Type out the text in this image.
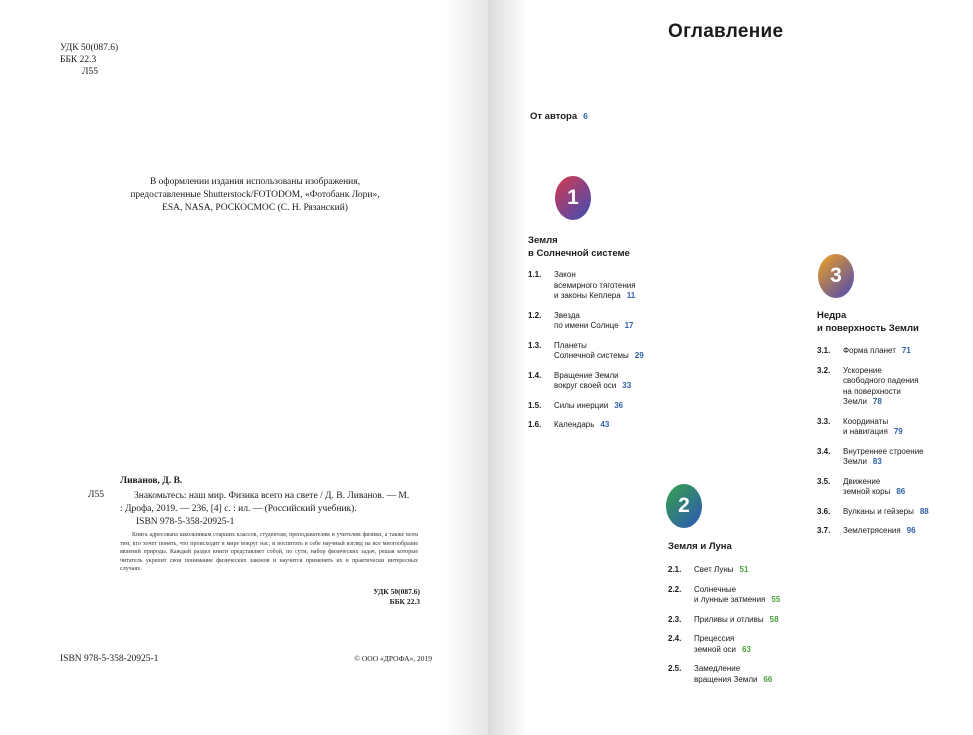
УДК 50(087.6)
ББК 22.3
Л55
В оформлении издания использованы изображения, предоставленные Shutterstock/FOTODOM, «Фотобанк Лори», ESA, NASA, РОСКОСМОС (С. Н. Рязанский)
Ливанов, Д. В.
Л55	Знакомьтесь: наш мир. Физика всего на свете / Д. В. Ливанов. — М. : Дрофа, 2019. — 236, [4] с. : ил. — (Российский учебник).
ISBN 978-5-358-20925-1
Книга адресована школьникам старших классов, студентам, преподавателям и учителям физики, а также всем тем, кто хочет понять, что происходит в мире вокруг нас, и воспитать в себе научный взгляд на все многообразие явлений природы. Каждый раздел книги представляет собой, по сути, набор физических задач, решая которые читатель укрепит свои понимание физических законов и научится применять их в практически интересных случаях.
УДК 50(087.6)
ББК 22.3
ISBN 978-5-358-20925-1	© ООО «ДРОФА», 2019
Оглавление
От автора 6
1
Земля
в Солнечной системе
1.1. Закон
всемирного тяготения
и законы Кеплера 11
1.2. Звезда
по имени Солнце 17
1.3. Планеты
Солнечной системы 29
1.4. Вращение Земли
вокруг своей оси 33
1.5. Силы инерции 36
1.6. Календарь 43
2
Земля и Луна
2.1. Свет Луны 51
2.2. Солнечные
и лунные затмения 55
2.3. Приливы и отливы 58
2.4. Прецессия
земной оси 63
2.5. Замедление
вращения Земли 66
3
Недра
и поверхность Земли
3.1. Форма планет 71
3.2. Ускорение
свободного падения
на поверхности
Земли 78
3.3. Координаты
и навигация 79
3.4. Внутреннее строение
Земли 83
3.5. Движение
земной коры 86
3.6. Вулканы и гейзеры 88
3.7. Землетрясения 96
